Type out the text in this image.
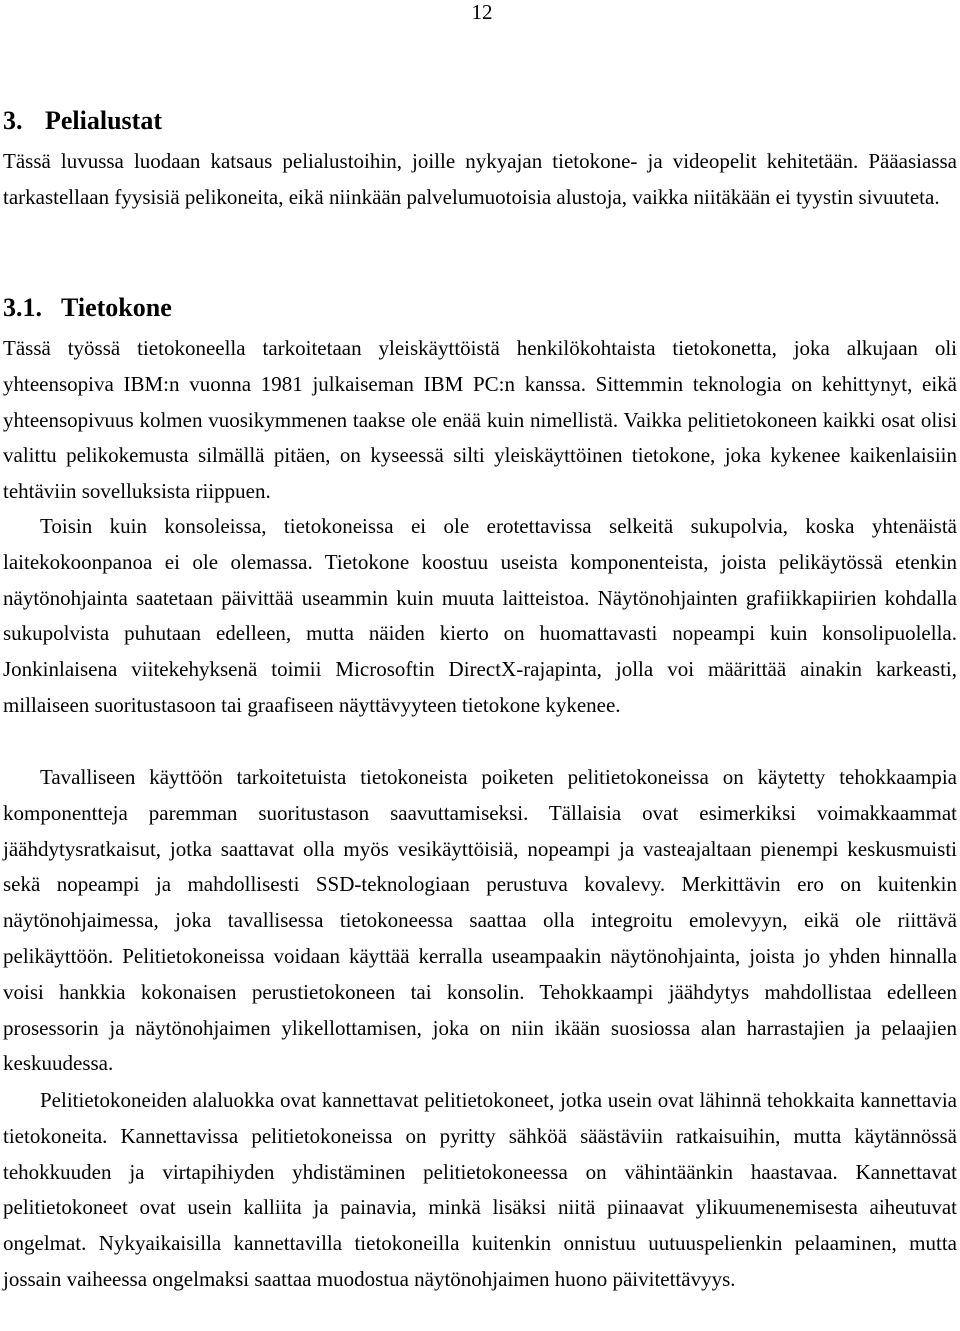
12
3. Pelialustat

Tässä luvussa luodaan katsaus pelialustoihin, joille nykyajan tietokone- ja videopelit kehitetään. Pääasiassa tarkastellaan fyysisiä pelikoneita, eikä niinkään palvelumuotoisia alustoja, vaikka niitäkään ei tyystin sivuuteta.

3.1. Tietokone

Tässä työssä tietokoneella tarkoitetaan yleiskäyttöistä henkilökohtaista tietokonetta, joka alkujaan oli yhteensopiva IBM:n vuonna 1981 julkaiseman IBM PC:n kanssa. Sittemmin teknologia on kehittynyt, eikä yhteensopivuus kolmen vuosikymmenen taakse ole enää kuin nimellistä. Vaikka pelitietokoneen kaikki osat olisi valittu pelikokemusta silmällä pitäen, on kyseessä silti yleiskäyttöinen tietokone, joka kykenee kaikenlaisiin tehtäviin sovelluksista riippuen.

Toisin kuin konsoleissa, tietokoneissa ei ole erotettavissa selkeitä sukupolvia, koska yhtenäistä laitekokoonpanoa ei ole olemassa. Tietokone koostuu useista komponenteista, joista pelikäytössä etenkin näytönohjainta saatetaan päivittää useammin kuin muuta laitteistoa. Näytönohjainten grafiikkapiirien kohdalla sukupolvista puhutaan edelleen, mutta näiden kierto on huomattavasti nopeampi kuin konsolipuolella. Jonkinlaisena viitekehyksenä toimii Microsoftin DirectX-rajapinta, jolla voi määrittää ainakin karkeasti, millaiseen suoritustasoon tai graafiseen näyttävyyteen tietokone kykenee.

Tavalliseen käyttöön tarkoitetuista tietokoneista poiketen pelitietokoneissa on käytetty tehokkaampia komponentteja paremman suoritustason saavuttamiseksi. Tällaisia ovat esimerkiksi voimakkaammat jäähdytysratkaisut, jotka saattavat olla myös vesikäyttöisiä, nopeampi ja vasteajaltaan pienempi keskusmuisti sekä nopeampi ja mahdollisesti SSD-teknologiaan perustuva kovalevy. Merkittävin ero on kuitenkin näytönohjaimessa, joka tavallisessa tietokoneessa saattaa olla integroitu emolevyyn, eikä ole riittävä pelikäyttöön. Pelitietokoneissa voidaan käyttää kerralla useampaakin näytönohjainta, joista jo yhden hinnalla voisi hankkia kokonaisen perustietokoneen tai konsolin. Tehokkaampi jäähdytys mahdollistaa edelleen prosessorin ja näytönohjaimen ylikellottamisen, joka on niin ikään suosiossa alan harrastajien ja pelaajien keskuudessa.

Pelitietokoneiden alaluokka ovat kannettavat pelitietokoneet, jotka usein ovat lähinnä tehokkaita kannettavia tietokoneita. Kannettavissa pelitietokoneissa on pyritty sähköä säästäviin ratkaisuihin, mutta käytännössä tehokkuuden ja virtapihiyden yhdistäminen pelitietokoneessa on vähintäänkin haastavaa. Kannettavat pelitietokoneet ovat usein kalliita ja painavia, minkä lisäksi niitä piinaavat ylikuumenemisesta aiheutuvat ongelmat. Nykyaikaisilla kannettavilla tietokoneilla kuitenkin onnistuu uutuuspelienkin pelaaminen, mutta jossain vaiheessa ongelmaksi saattaa muodostua näytönohjaimen huono päivitettävyys.
